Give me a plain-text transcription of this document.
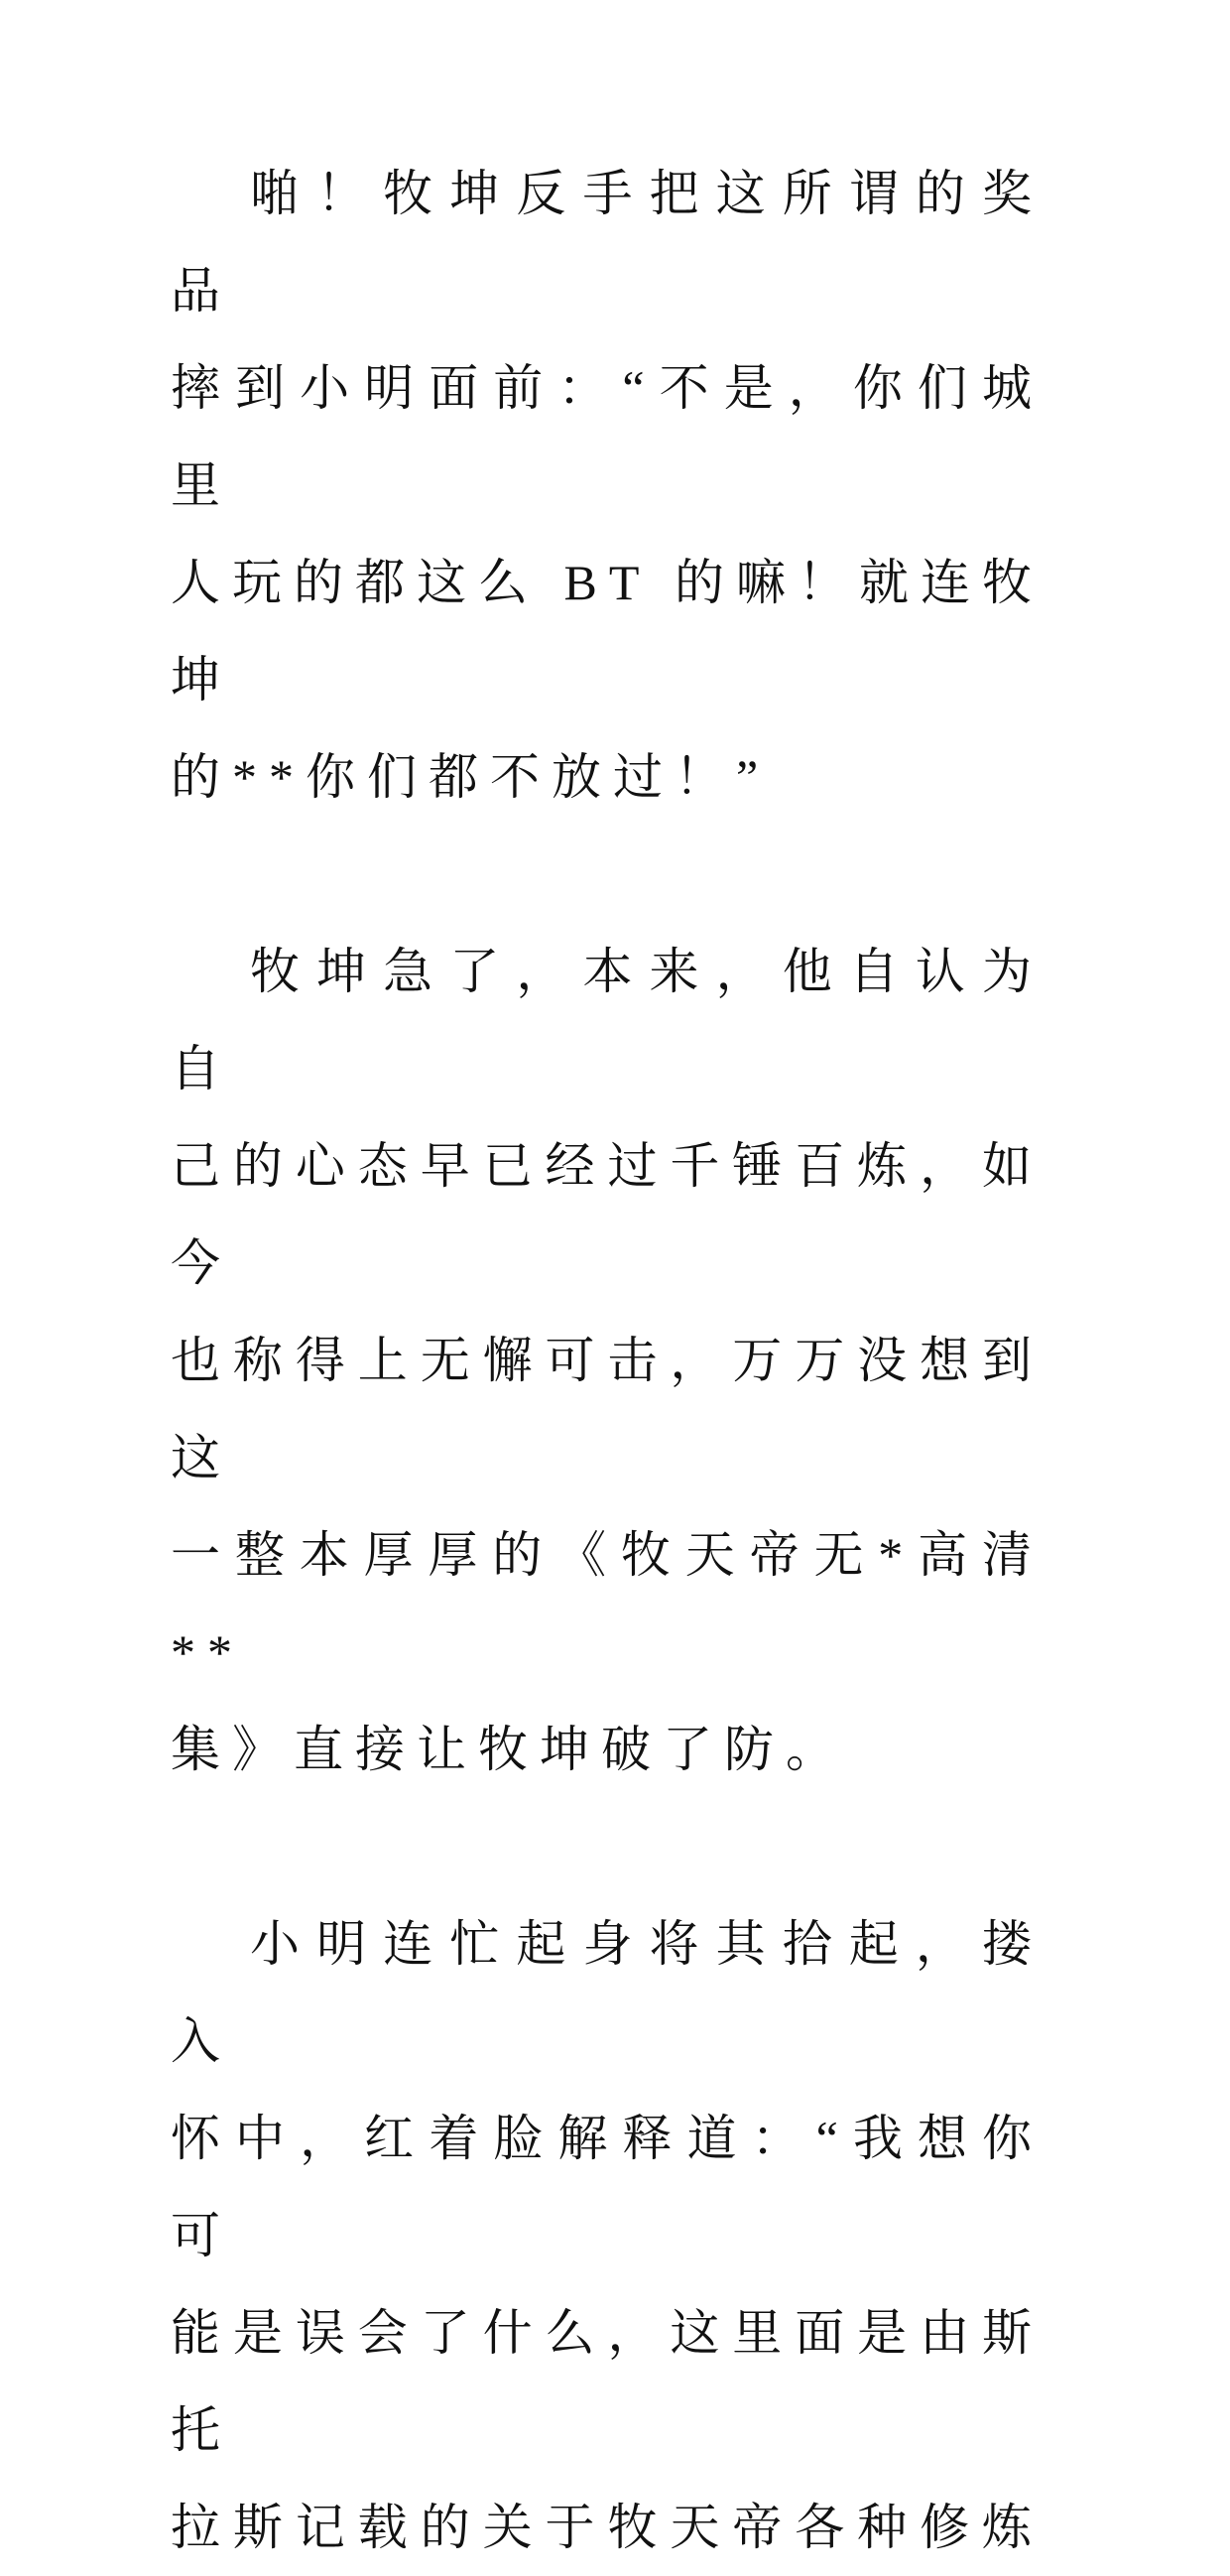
啪！牧坤反手把这所谓的奖品
摔到小明面前：“不是，你们城里
人玩的都这么 BT 的嘛！就连牧坤
的**你们都不放过！”
牧坤急了，本来，他自认为自
己的心态早已经过千锤百炼，如今
也称得上无懈可击，万万没想到这
一整本厚厚的《牧天帝无*高清**
集》直接让牧坤破了防。
小明连忙起身将其拾起，搂入
怀中，红着脸解释道：“我想你可
能是误会了什么，这里面是由斯托
拉斯记载的关于牧天帝各种修炼
